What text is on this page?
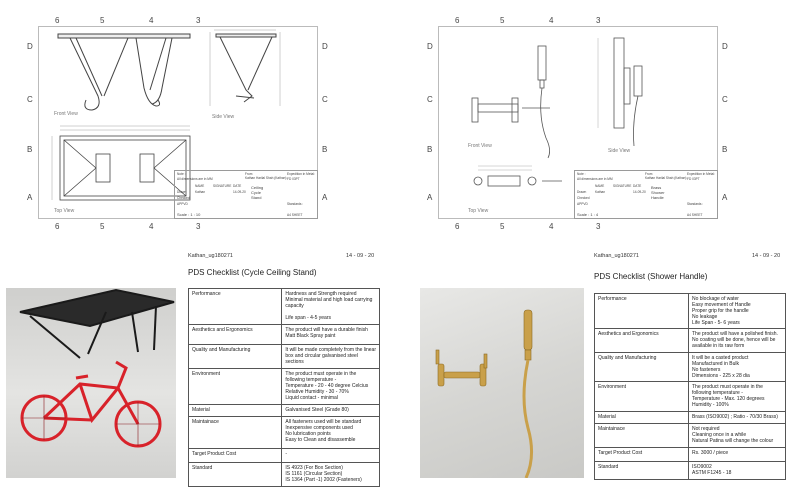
6	5	4	3
6	5	4	3
D
C
B
A
D
C
B
A
Front View	Side View
Top View
Note :
All dimensions are in MM
From
Kathan Harilal Shah (Kathan)
Expedition in Metal:
FD 03PT
NAME	SIGNATURE DATE
Drawn
Checked
APPVD
Kathan	14-09-20
Ceiling
Cycle
Stand
Standards :
Scale : 1 : 10	A4 SHEET
6	5	4	3
6	5	4	3
D
C
B
A
D
C
B
A
Front View
Side View
Top View
Note :
All dimensions are in MM
From
Kathan Harilal Shah (Kathan)
Expedition in Metal:
FD 03PT
NAME	SIGNATURE DATE
Drawn
Checked
APPVD
Kathan	14-09-20
Brass
Shower
Handle
Standards :
Scale : 1 : 4	A4 SHEET
Kathan_ug180271	14 - 09 - 20
PDS Checklist (Cycle Ceiling Stand)
Performance	Hardness and Strength required
Minimal material and high load carrying
capacity

Life span - 4-5 years

Aesthetics and Ergonomics	The product will have a durable finish
Matt Black Spray paint

Quality and Manufacturing	It will be made completely from the linear
box and circular galvanised steel
sections

Environment	The product must operate in the
following temperature -
Temperature - 20 - 40 degree Celcius
Relative Humidity - 30 - 70%
Liquid contact - minimal

Material	Galvanised Steel (Grade 80)

Maintainace	All fasteners used will be standard
Inexpensive components used
No lubrication points
Easy to Clean and disassemble

Target Product Cost	-

Standard	IS 4923 (For Box Section)
IS 1161 (Circular Section)
IS 1364 (Part -1) 2002 (Fasteners)
Kathan_ug180271	14 - 09 - 20
PDS Checklist (Shower Handle)
Performance	No blockage of water
Easy movement of Handle
Proper grip for the handle
No leakage
Life Span - 5- 6 years

Aesthetics and Ergonomics	The product will have a polished finish.
No coating will be done, hence will be
available in its raw form

Quality and Manufacturing	It will be a casted product
Manufactured in Bulk
No fasteners
Dimensions - 225 x 28 dia

Environment	The product must operate in the
following temperature -
Temperature - Max. 120 degrees
Humidity - 100%

Material	Brass (ISO9002) ; Ratio - 70/30 Brass)

Maintainace	Not required
Cleaning once in a while
Natural Patina will change the colour

Target Product Cost	Rs. 3000 / piece

Standard	ISO9002
ASTM F1245 - 18
